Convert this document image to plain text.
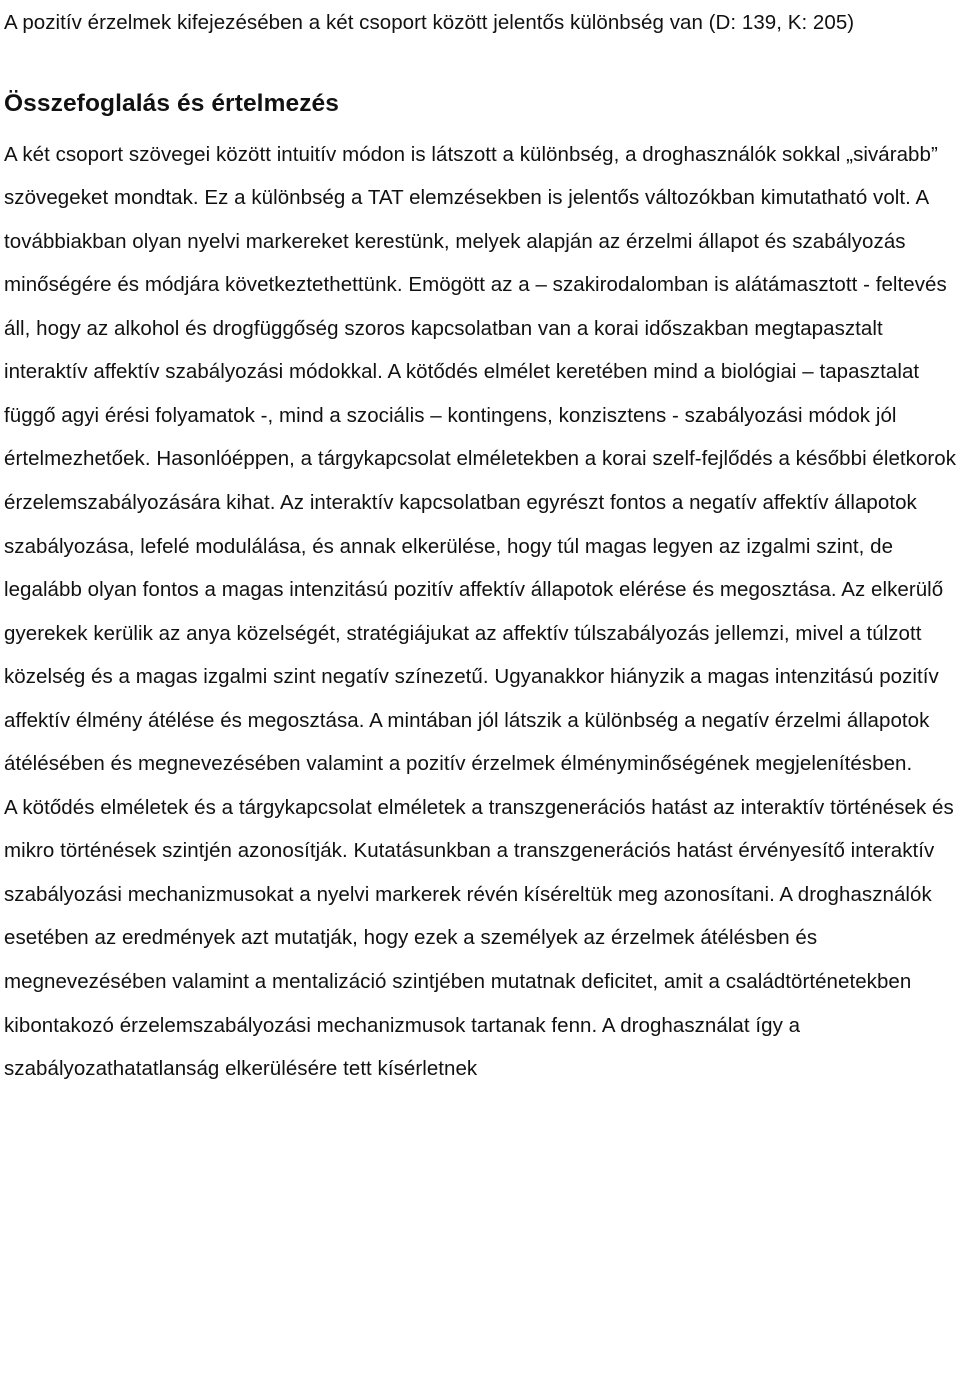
A pozitív érzelmek kifejezésében a két csoport között jelentős különbség van (D: 139, K: 205)

Összefoglalás és értelmezés

A két csoport szövegei között intuitív módon is látszott a különbség, a droghasználók sokkal „sivárabb” szövegeket mondtak. Ez a különbség a TAT elemzésekben is jelentős változókban kimutatható volt. A továbbiakban olyan nyelvi markereket kerestünk, melyek alapján az érzelmi állapot és szabályozás minőségére és módjára következtethettünk. Emögött az a – szakirodalomban is alátámasztott - feltevés áll, hogy az alkohol és drogfüggőség szoros kapcsolatban van a korai időszakban megtapasztalt interaktív affektív szabályozási módokkal. A kötődés elmélet keretében mind a biológiai – tapasztalat függő agyi érési folyamatok -, mind a szociális – kontingens, konzisztens - szabályozási módok jól értelmezhetőek. Hasonlóéppen, a tárgykapcsolat elméletekben a korai szelf-fejlődés a későbbi életkorok érzelemszabályozására kihat. Az interaktív kapcsolatban egyrészt fontos a negatív affektív állapotok szabályozása, lefelé modulálása, és annak elkerülése, hogy túl magas legyen az izgalmi szint, de legalább olyan fontos a magas intenzitású pozitív affektív állapotok elérése és megosztása. Az elkerülő gyerekek kerülik az anya közelségét, stratégiájukat az affektív túlszabályozás jellemzi, mivel a túlzott közelség és a magas izgalmi szint negatív színezetű. Ugyanakkor hiányzik a magas intenzitású pozitív affektív élmény átélése és megosztása. A mintában jól látszik a különbség a negatív érzelmi állapotok átélésében és megnevezésében valamint a pozitív érzelmek élményminőségének megjelenítésben.

A kötődés elméletek és a tárgykapcsolat elméletek a transzgenerációs hatást az interaktív történések és mikro történések szintjén azonosítják. Kutatásunkban a transzgenerációs hatást érvényesítő interaktív szabályozási mechanizmusokat a nyelvi markerek révén kíséreltük meg azonosítani. A droghasználók esetében az eredmények azt mutatják, hogy ezek a személyek az érzelmek átélésben és megnevezésében valamint a mentalizáció szintjében mutatnak deficitet, amit a családtörténetekben kibontakozó érzelemszabályozási mechanizmusok tartanak fenn. A droghasználat így a szabályozathatatlanság elkerülésére tett kísérletnek
